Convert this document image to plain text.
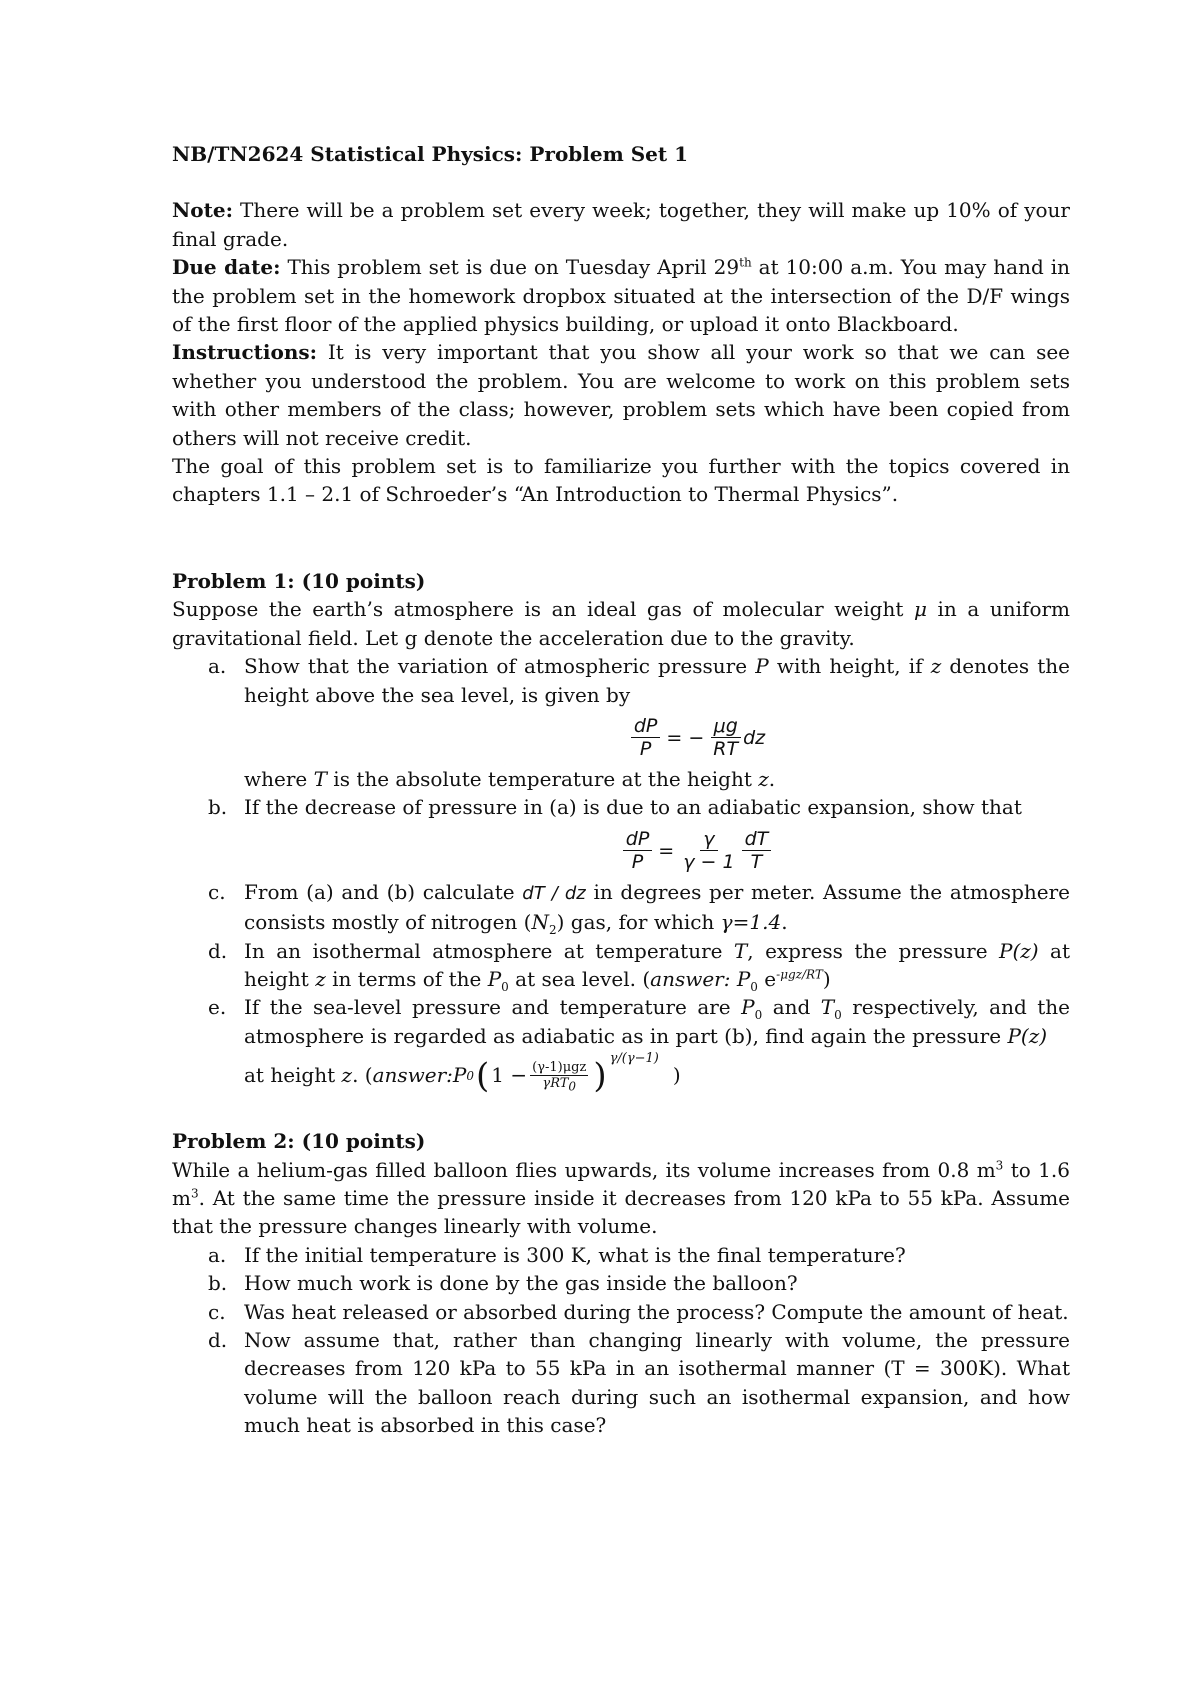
NB/TN2624 Statistical Physics: Problem Set 1

Note: There will be a problem set every week; together, they will make up 10% of your final grade.

Due date: This problem set is due on Tuesday April 29th at 10:00 a.m. You may hand in the problem set in the homework dropbox situated at the intersection of the D/F wings of the first floor of the applied physics building, or upload it onto Blackboard.

Instructions: It is very important that you show all your work so that we can see whether you understood the problem. You are welcome to work on this problem sets with other members of the class; however, problem sets which have been copied from others will not receive credit.

The goal of this problem set is to familiarize you further with the topics covered in chapters 1.1 – 2.1 of Schroeder’s “An Introduction to Thermal Physics”.

Problem 1: (10 points)

Suppose the earth’s atmosphere is an ideal gas of molecular weight μ in a uniform gravitational field. Let g denote the acceleration due to the gravity.

a. Show that the variation of atmospheric pressure P with height, if z denotes the height above the sea level, is given by
$\frac{dP}{P}$ = − $\frac{\mu g}{RT}$ dz
where T is the absolute temperature at the height z.
b. If the decrease of pressure in (a) is due to an adiabatic expansion, show that
$\frac{dP}{P} = \frac{\gamma}{\gamma - 1} \frac{dT}{T}$
c. From (a) and (b) calculate dT / dz in degrees per meter. Assume the atmosphere consists mostly of nitrogen $(N_2)$ gas, for which γ=1.4.
d. In an isothermal atmosphere at temperature T, express the pressure P(z) at height z in terms of the $P_0$ at sea level. (answer: $P_0$ $e^{-\mu gz/RT}$)
e. If the sea-level pressure and temperature are $P_0$ and $T_0$ respectively, and the atmosphere is regarded as adiabatic as in part (b), find again the pressure P(z)
at height
z . ( answer: P 0 ( $1 - \frac{\text{(γ-1)μgz}}{\gamma RT_0}$ ) γ/(γ−1)
)

Problem 2: (10 points)

While a helium-gas filled balloon flies upwards, its volume increases from 0.8 $m^3$ to 1.6 $m^3$. At the same time the pressure inside it decreases from 120 kPa to 55 kPa. Assume that the pressure changes linearly with volume.

a. If the initial temperature is 300 K, what is the final temperature?
b. How much work is done by the gas inside the balloon?
c. Was heat released or absorbed during the process? Compute the amount of heat.
d. Now assume that, rather than changing linearly with volume, the pressure decreases from 120 kPa to 55 kPa in an isothermal manner (T = 300K). What volume will the balloon reach during such an isothermal expansion, and how much heat is absorbed in this case?
